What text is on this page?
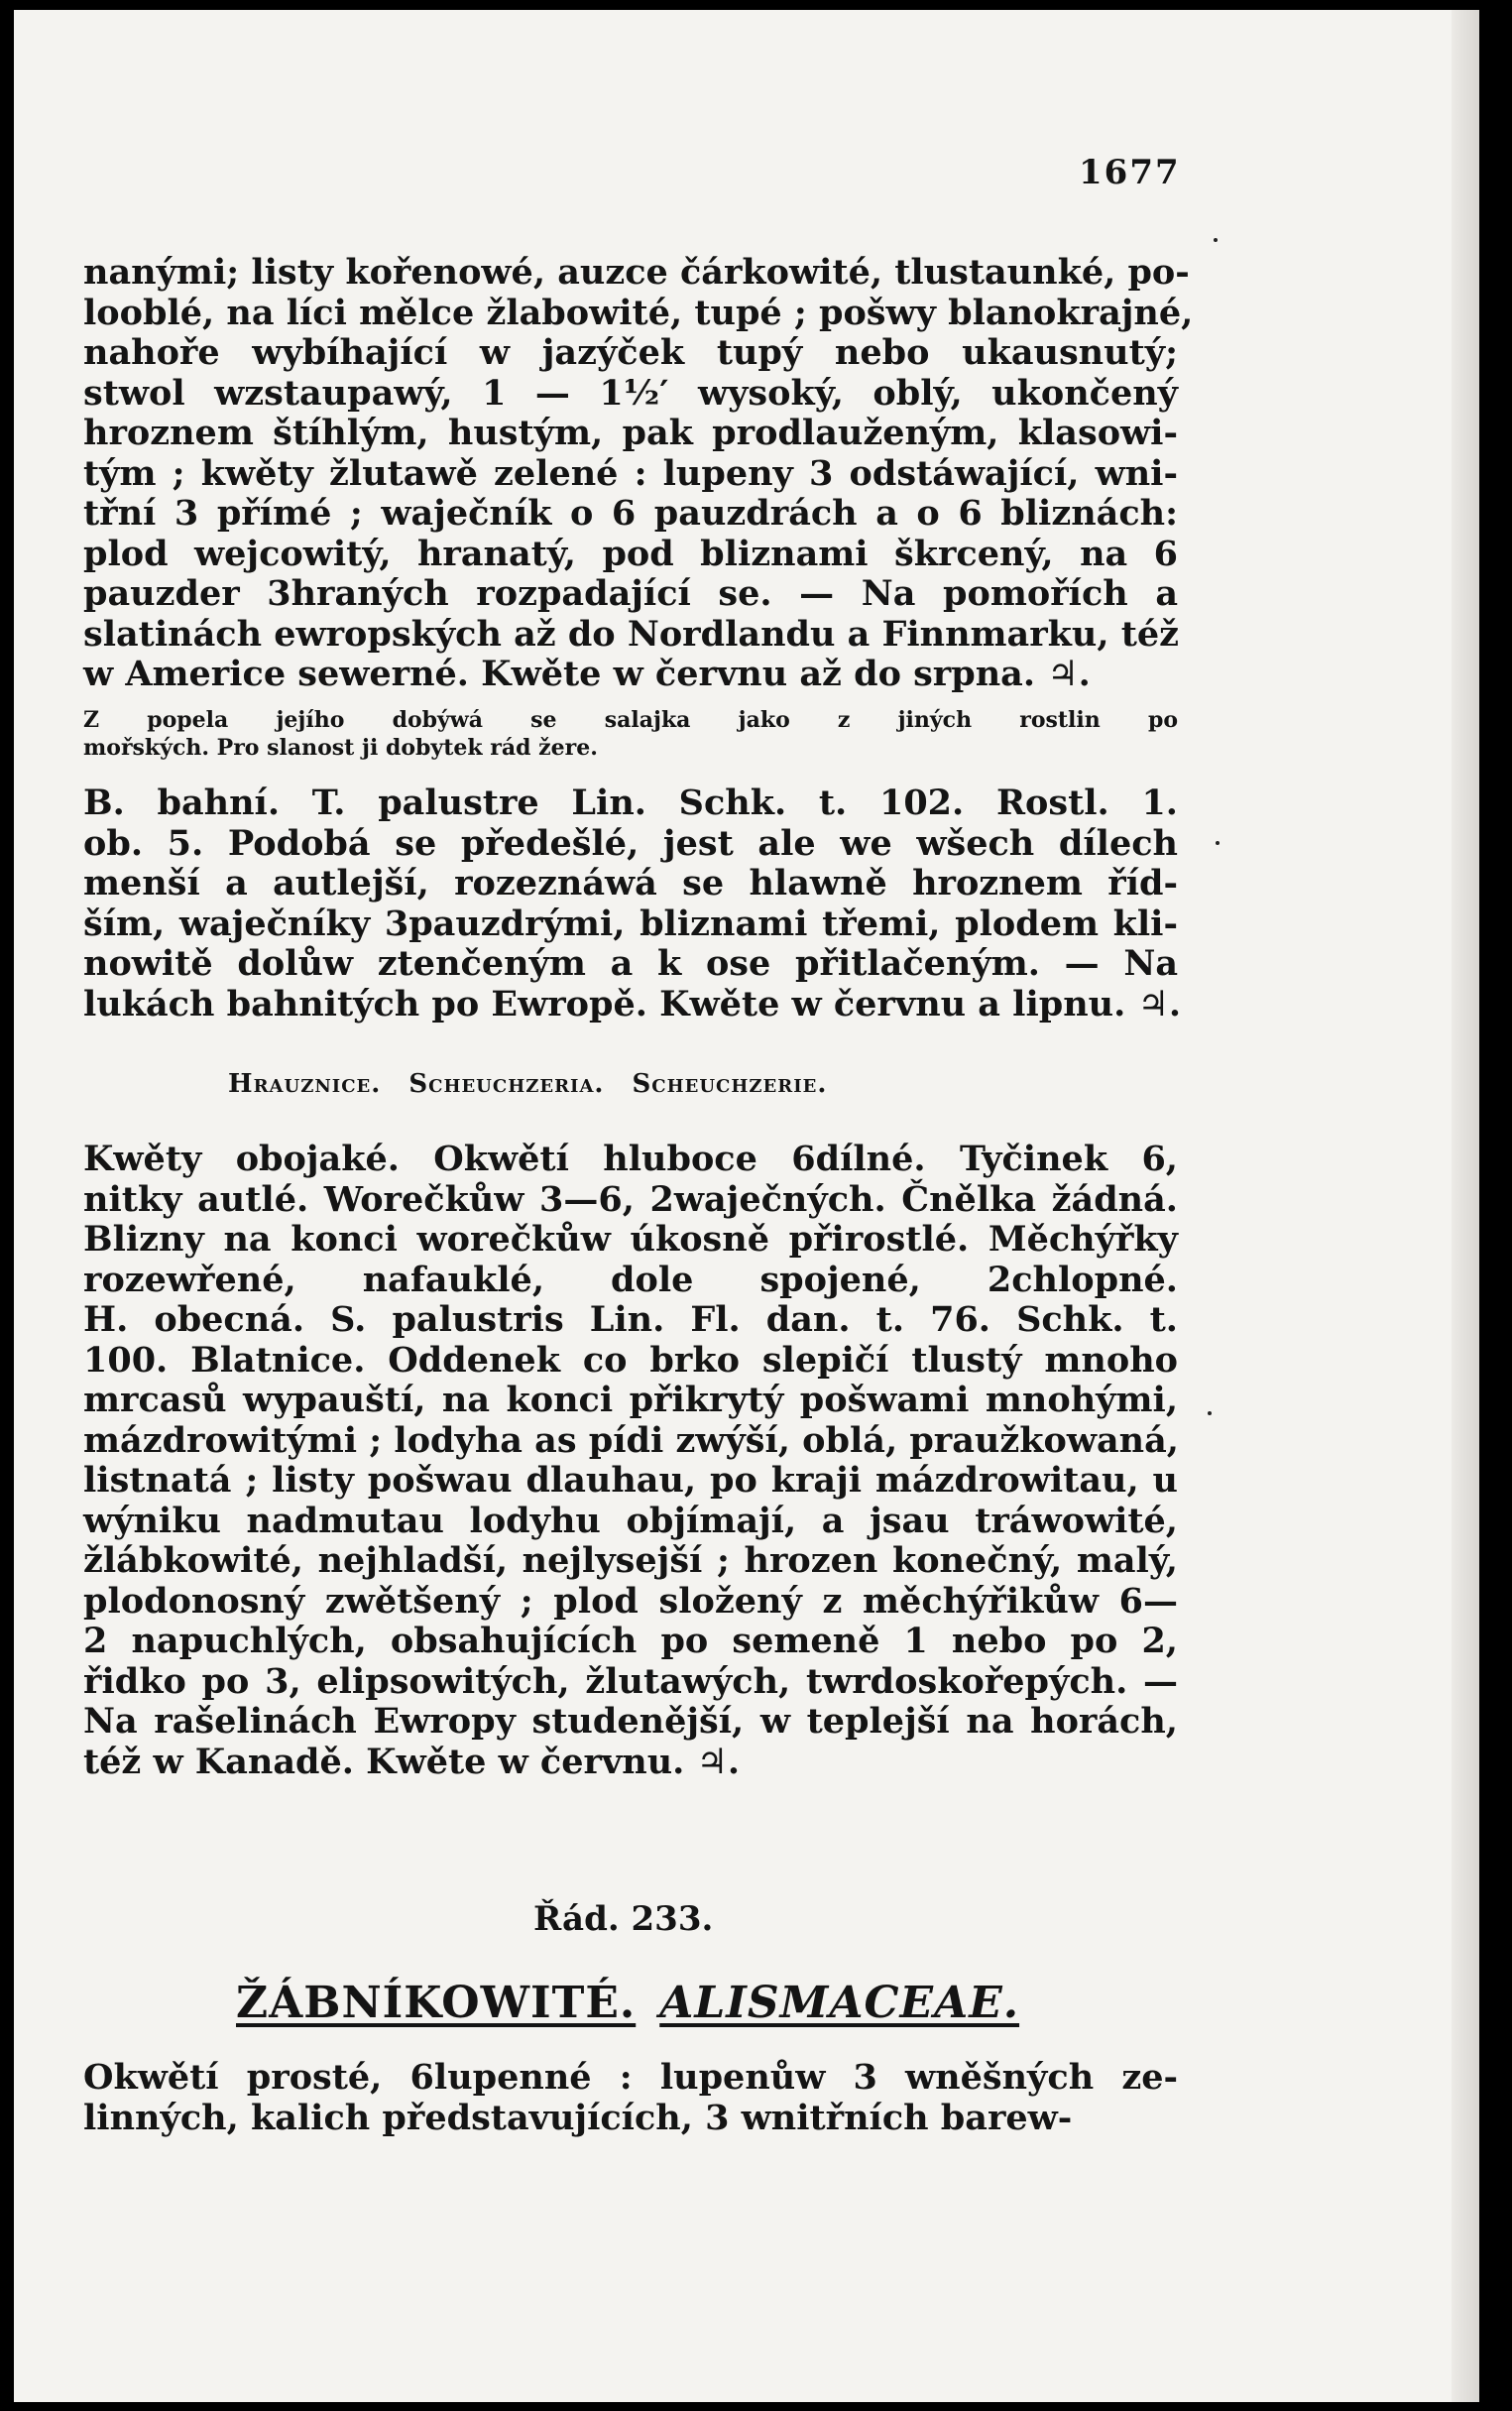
1677
nanými; listy kořenowé, auzce čárkowité, tlustaunké, po-
looblé, na líci mělce žlabowité, tupé ; pošwy blanokrajné,
nahoře wybíhající w jazýček tupý nebo ukausnutý;
stwol wzstaupawý, 1 — 1½′ wysoký, oblý, ukončený
hroznem štíhlým, hustým, pak prodlauženým, klasowi-
tým ; kwěty žlutawě zelené : lupeny 3 odstáwající, wni-
třní 3 přímé ; waječník o 6 pauzdrách a o 6 bliznách:
plod wejcowitý, hranatý, pod bliznami škrcený, na 6
pauzder 3hraných rozpadající se. — Na pomořích a
slatinách ewropských až do Nordlandu a Finnmarku, též
w Americe sewerné. Kwěte w červnu až do srpna. ♃.
Z popela jejího dobýwá se salajka jako z jiných rostlin po
mořských. Pro slanost ji dobytek rád žere.
B. bahní. T. palustre Lin. Schk. t. 102. Rostl. 1.
ob. 5. Podobá se předešlé, jest ale we wšech dílech
menší a autlejší, rozeznáwá se hlawně hroznem říd-
ším, waječníky 3pauzdrými, bliznami třemi, plodem kli-
nowitě dolůw ztenčeným a k ose přitlačeným. — Na
lukách bahnitých po Ewropě. Kwěte w červnu a lipnu. ♃.
Hrauznice. Scheuchzeria. Scheuchzerie.
Kwěty obojaké. Okwětí hluboce 6dílné. Tyčinek 6,
nitky autlé. Worečkůw 3—6, 2waječných. Čnělka žádná.
Blizny na konci worečkůw úkosně přirostlé. Měchýřky
rozewřené, nafauklé, dole spojené, 2chlopné.
H. obecná. S. palustris Lin. Fl. dan. t. 76. Schk. t.
100. Blatnice. Oddenek co brko slepičí tlustý mnoho
mrcasů wypauští, na konci přikrytý pošwami mnohými,
mázdrowitými ; lodyha as pídi zwýší, oblá, praužkowaná,
listnatá ; listy pošwau dlauhau, po kraji mázdrowitau, u
wýniku nadmutau lodyhu objímají, a jsau tráwowité,
žlábkowité, nejhladší, nejlysejší ; hrozen konečný, malý,
plodonosný zwětšený ; plod složený z měchýřikůw 6—
2 napuchlých, obsahujících po semeně 1 nebo po 2,
řidko po 3, elipsowitých, žlutawých, twrdoskořepých. —
Na rašelinách Ewropy studenější, w teplejší na horách,
též w Kanadě. Kwěte w červnu. ♃.
Řád. 233.
ŽÁBNÍKOWITÉ. ALISMACEAE.
Okwětí prosté, 6lupenné : lupenůw 3 wněšných ze-
linných, kalich představujících, 3 wnitřních barew-
